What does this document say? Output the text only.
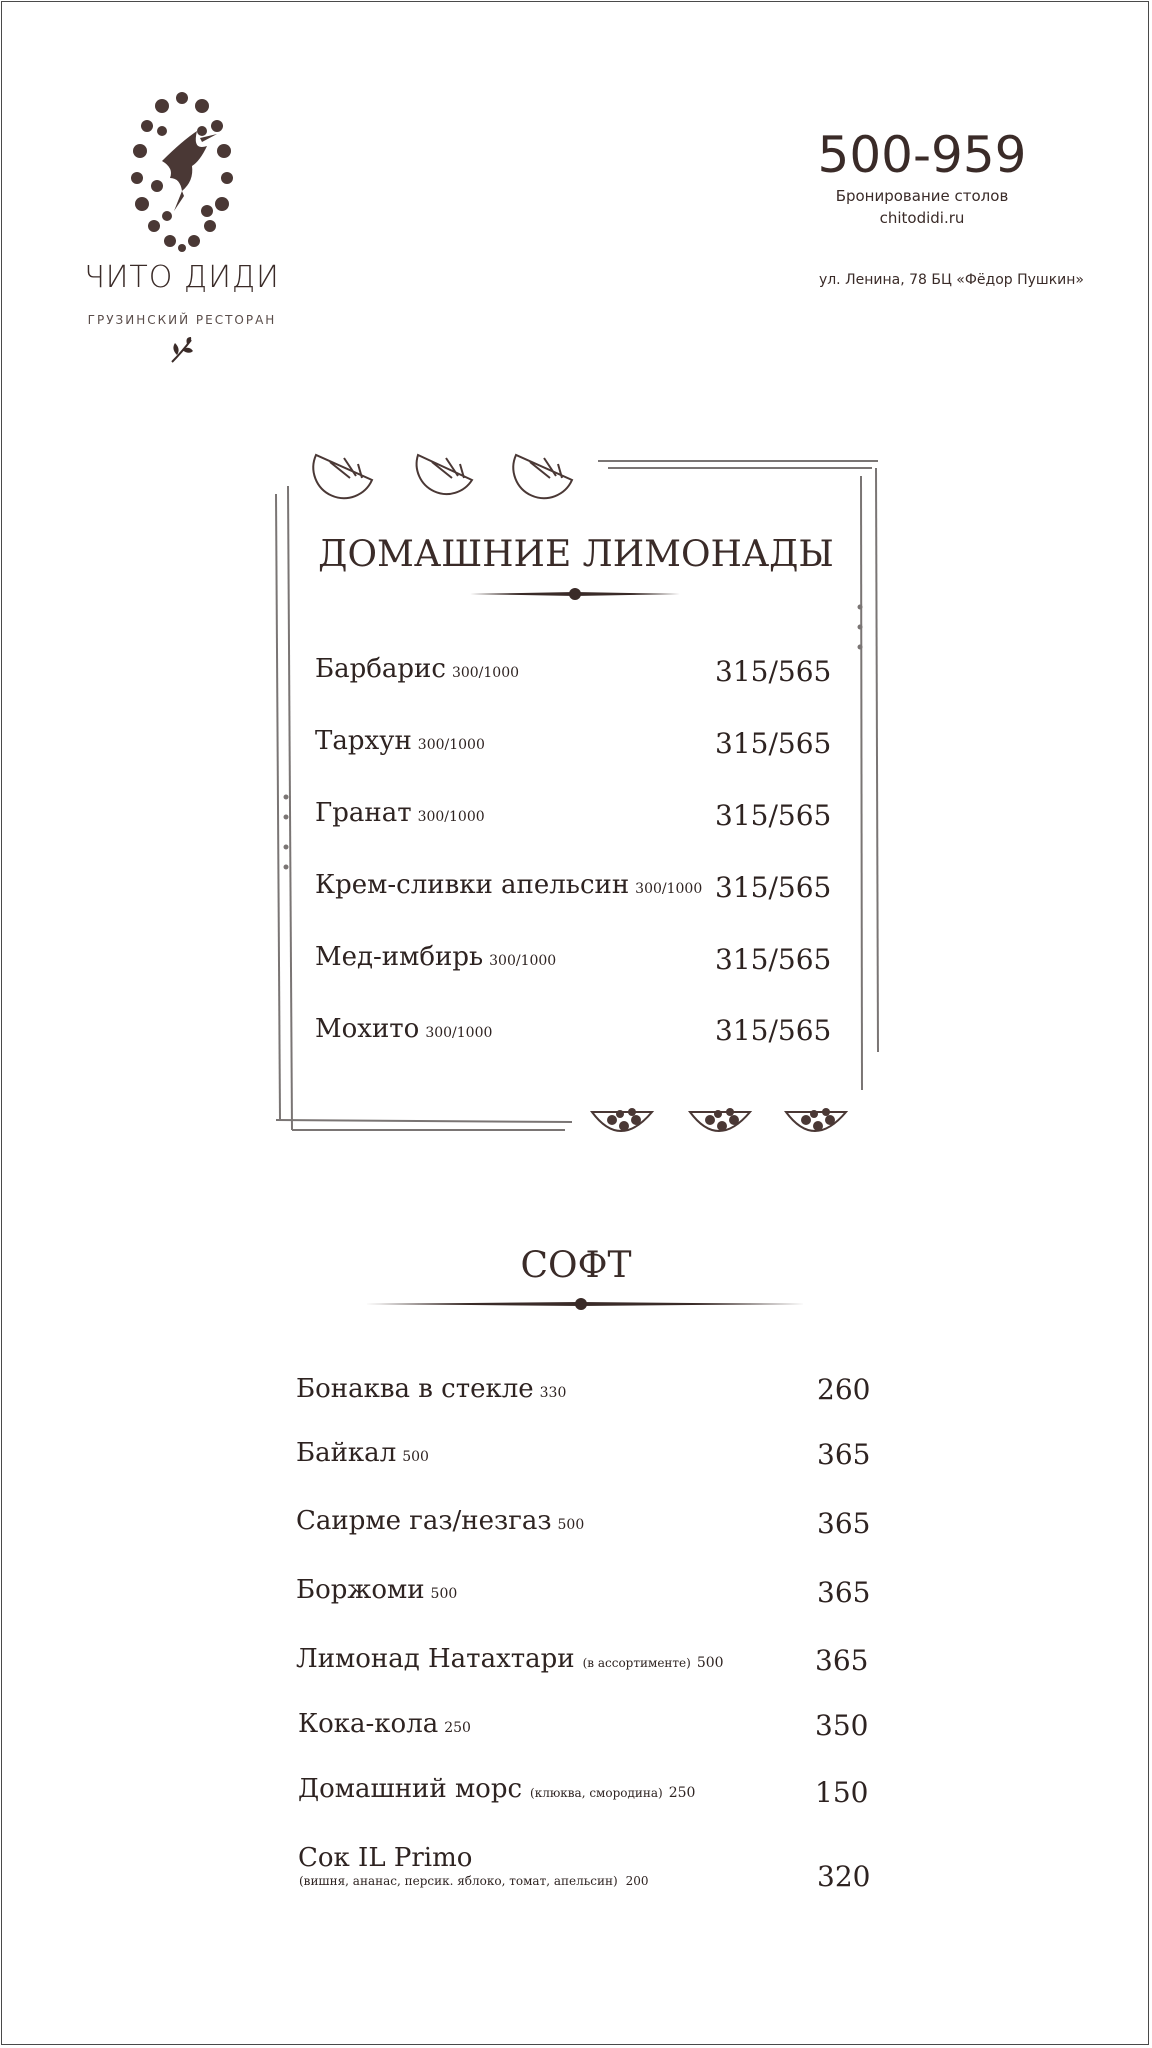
ЧИТО ДИДИ
ГРУЗИНСКИЙ РЕСТОРАН
500-959
Бронирование столов
chitodidi.ru
ул. Ленина, 78 БЦ «Фёдор Пушкин»
ДОМАШНИЕ ЛИМОНАДЫ
Барбарис 300/1000	315/565
Тархун 300/1000	315/565
Гранат 300/1000	315/565
Крем-сливки апельсин 300/1000 315/565
Мед-имбирь 300/1000	315/565
Мохито 300/1000	315/565
СОФТ
Бонаква в стекле 330	260
Байкал 500	365
Саирме газ/незгаз 500	365
Боржоми 500	365
Лимонад Натахтари (в ассортименте) 500	365
Кока-кола 250	350
Домашний морс (клюква, смородина) 250	150
Сок IL Primo
(вишня, ананас, персик. яблоко, томат, апельсин) 200	320
